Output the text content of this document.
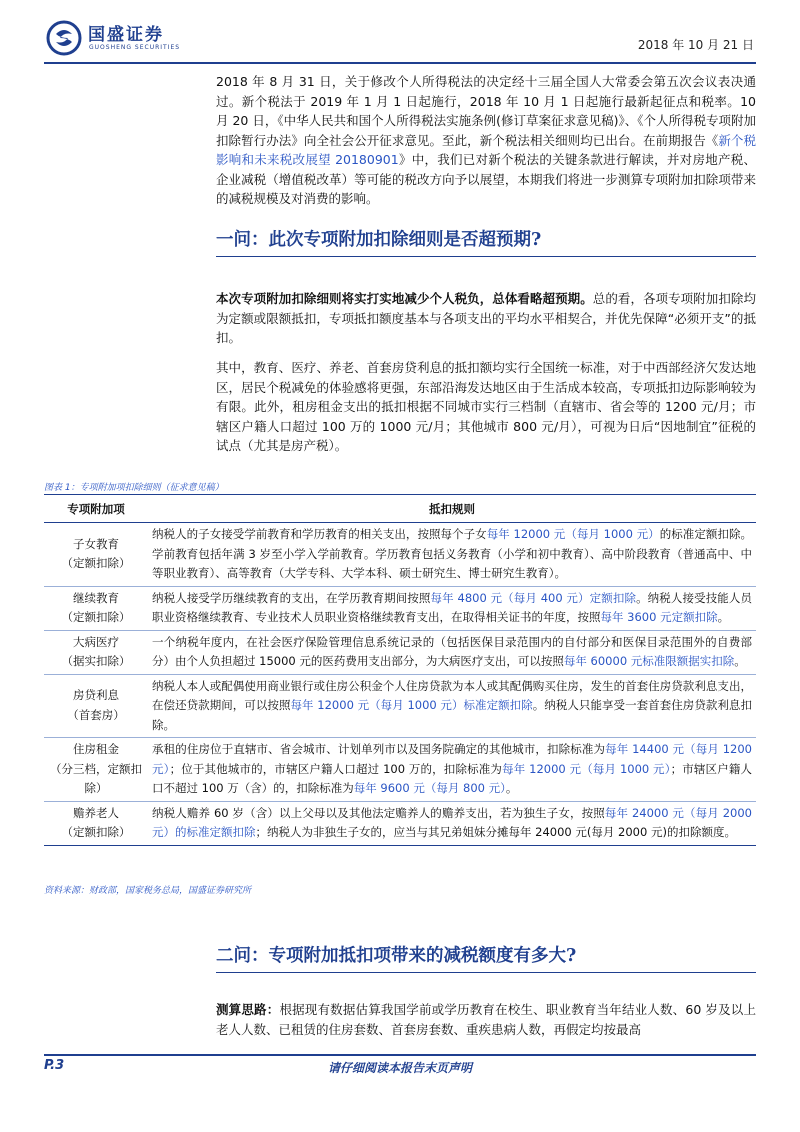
国盛证券
GUOSHENG SECURITIES	2018 年 10 月 21 日

2018 年 8 月 31 日，关于修改个人所得税法的决定经十三届全国人大常委会第五次会议表决通过。新个税法于 2019 年 1 月 1 日起施行，2018 年 10 月 1 日起施行最新起征点和税率。10 月 20 日，《中华人民共和国个人所得税法实施条例(修订草案征求意见稿)》、《个人所得税专项附加扣除暂行办法》向全社会公开征求意见。至此，新个税法相关细则均已出台。在前期报告《新个税影响和未来税改展望 20180901》中，我们已对新个税法的关键条款进行解读，并对房地产税、企业减税（增值税改革）等可能的税改方向予以展望，本期我们将进一步测算专项附加扣除项带来的减税规模及对消费的影响。

一问：此次专项附加扣除细则是否超预期?

本次专项附加扣除细则将实打实地减少个人税负，总体看略超预期。总的看，各项专项附加扣除均为定额或限额抵扣，专项抵扣额度基本与各项支出的平均水平相契合，并优先保障“必须开支”的抵扣。

其中，教育、医疗、养老、首套房贷利息的抵扣额均实行全国统一标准，对于中西部经济欠发达地区，居民个税减免的体验感将更强，东部沿海发达地区由于生活成本较高，专项抵扣边际影响较为有限。此外，租房租金支出的抵扣根据不同城市实行三档制（直辖市、省会等的 1200 元/月；市辖区户籍人口超过 100 万的 1000 元/月；其他城市 800 元/月），可视为日后“因地制宜”征税的试点（尤其是房产税）。

图表 1：专项附加项扣除细则（征求意见稿）
专项附加项	抵扣规则
子女教育
（定额扣除）	纳税人的子女接受学前教育和学历教育的相关支出，按照每个子女每年 12000 元（每月 1000 元）的标准定额扣除。学前教育包括年满 3 岁至小学入学前教育。学历教育包括义务教育（小学和初中教育）、高中阶段教育（普通高中、中等职业教育）、高等教育（大学专科、大学本科、硕士研究生、博士研究生教育）。
继续教育
（定额扣除）	纳税人接受学历继续教育的支出，在学历教育期间按照每年 4800 元（每月 400 元）定额扣除。纳税人接受技能人员职业资格继续教育、专业技术人员职业资格继续教育支出，在取得相关证书的年度，按照每年 3600 元定额扣除。
大病医疗
（据实扣除）	一个纳税年度内，在社会医疗保险管理信息系统记录的（包括医保目录范围内的自付部分和医保目录范围外的自费部分）由个人负担超过 15000 元的医药费用支出部分，为大病医疗支出，可以按照每年 60000 元标准限额据实扣除。
房贷利息
（首套房）	纳税人本人或配偶使用商业银行或住房公积金个人住房贷款为本人或其配偶购买住房，发生的首套住房贷款利息支出，在偿还贷款期间，可以按照每年 12000 元（每月 1000 元）标准定额扣除。纳税人只能享受一套首套住房贷款利息扣除。
住房租金
（分三档，定额扣除）	承租的住房位于直辖市、省会城市、计划单列市以及国务院确定的其他城市，扣除标准为每年 14400 元（每月 1200 元）；位于其他城市的，市辖区户籍人口超过 100 万的，扣除标准为每年 12000 元（每月 1000 元）；市辖区户籍人口不超过 100 万（含）的，扣除标准为每年 9600 元（每月 800 元）。
赡养老人
（定额扣除）	纳税人赡养 60 岁（含）以上父母以及其他法定赡养人的赡养支出，若为独生子女，按照每年 24000 元（每月 2000 元）的标准定额扣除；纳税人为非独生子女的，应当与其兄弟姐妹分摊每年 24000 元(每月 2000 元)的扣除额度。
资料来源：财政部，国家税务总局，国盛证券研究所
二问：专项附加抵扣项带来的减税额度有多大?

测算思路：根据现有数据估算我国学前或学历教育在校生、职业教育当年结业人数、60 岁及以上老人人数、已租赁的住房套数、首套房套数、重疾患病人数，再假定均按最高

请仔细阅读本报告末页声明
P.3
